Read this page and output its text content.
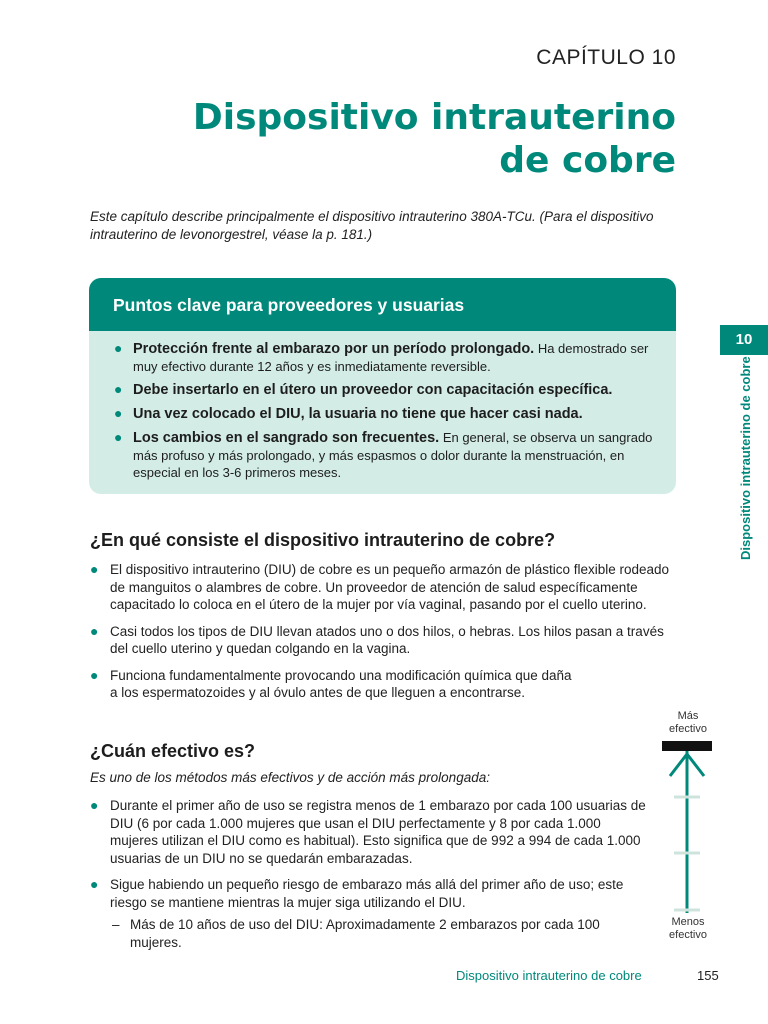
CAPÍTULO 10
Dispositivo intrauterino
de cobre
Este capítulo describe principalmente el dispositivo intrauterino 380A-TCu. (Para el dispositivo intrauterino de levonorgestrel, véase la p. 181.)
Puntos clave para proveedores y usuarias
● Protección frente al embarazo por un período prolongado. Ha demostrado ser muy efectivo durante 12 años y es inmediatamente reversible.
● Debe insertarlo en el útero un proveedor con capacitación específica.
● Una vez colocado el DIU, la usuaria no tiene que hacer casi nada.
● Los cambios en el sangrado son frecuentes. En general, se observa un sangrado más profuso y más prolongado, y más espasmos o dolor durante la menstruación, en especial en los 3-6 primeros meses.
¿En qué consiste el dispositivo intrauterino de cobre?
● El dispositivo intrauterino (DIU) de cobre es un pequeño armazón de plástico flexible rodeado de manguitos o alambres de cobre. Un proveedor de atención de salud específicamente capacitado lo coloca en el útero de la mujer por vía vaginal, pasando por el cuello uterino.
● Casi todos los tipos de DIU llevan atados uno o dos hilos, o hebras. Los hilos pasan a través del cuello uterino y quedan colgando en la vagina.
● Funciona fundamentalmente provocando una modificación química que daña a los espermatozoides y al óvulo antes de que lleguen a encontrarse.
¿Cuán efectivo es?
Es uno de los métodos más efectivos y de acción más prolongada:
● Durante el primer año de uso se registra menos de 1 embarazo por cada 100 usuarias de DIU (6 por cada 1.000 mujeres que usan el DIU perfectamente y 8 por cada 1.000 mujeres utilizan el DIU como es habitual). Esto significa que de 992 a 994 de cada 1.000 usuarias de un DIU no se quedarán embarazadas.
● Sigue habiendo un pequeño riesgo de embarazo más allá del primer año de uso; este riesgo se mantiene mientras la mujer siga utilizando el DIU.
– Más de 10 años de uso del DIU: Aproximadamente 2 embarazos por cada 100 mujeres.
Más
efectivo
Menos
efectivo
10
Dispositivo intrauterino de cobre
Dispositivo intrauterino de cobre	155
